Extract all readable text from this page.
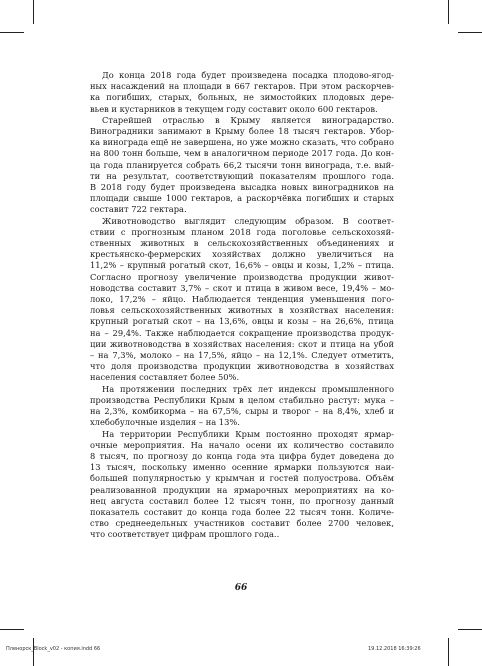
До конца 2018 года будет произведена посадка плодово-ягод-
ных насаждений на площади в 667 гектаров. При этом раскорчев-
ка погибших, старых, больных, не зимостойких плодовых дере-
вьев и кустарников в текущем году составит около 600 гектаров.
Старейшей отраслью в Крыму является виноградарство.
Виноградники занимают в Крыму более 18 тысяч гектаров. Убор-
ка винограда ещё не завершена, но уже можно сказать, что собрано
на 800 тонн больше, чем в аналогичном периоде 2017 года. До кон-
ца года планируется собрать 66,2 тысячи тонн винограда, т.е. вый-
ти на результат, соответствующий показателям прошлого года.
В 2018 году будет произведена высадка новых виноградников на
площади свыше 1000 гектаров, а раскорчёвка погибших и старых
составит 722 гектара.
Животноводство выглядит следующим образом. В соответ-
ствии с прогнозным планом 2018 года поголовье сельскохозяй-
ственных животных в сельскохозяйственных объединениях и
крестьянско-фермерских хозяйствах должно увеличиться на
11,2% – крупный рогатый скот, 16,6% – овцы и козы, 1,2% – птица.
Согласно прогнозу увеличение производства продукции живот-
новодства составит 3,7% – скот и птица в живом весе, 19,4% – мо-
локо, 17,2% – яйцо. Наблюдается тенденция уменьшения пого-
ловья сельскохозяйственных животных в хозяйствах населения:
крупный рогатый скот – на 13,6%, овцы и козы – на 26,6%, птица
на – 29,4%. Также наблюдается сокращение производства продук-
ции животноводства в хозяйствах населения: скот и птица на убой
– на 7,3%, молоко – на 17,5%, яйцо – на 12,1%. Следует отметить,
что доля производства продукции животноводства в хозяйствах
населения составляет более 50%.
На протяжении последних трёх лет индексы промышленного
производства Республики Крым в целом стабильно растут: мука –
на 2,3%, комбикорма – на 67,5%, сыры и творог – на 8,4%, хлеб и
хлебобулочные изделия – на 13%.
На территории Республики Крым постоянно проходят ярмар-
очные мероприятия. На начало осени их количество составило
8 тысяч, по прогнозу до конца года эта цифра будет доведена до
13 тысяч, поскольку именно осенние ярмарки пользуются наи-
большей популярностью у крымчан и гостей полуострова. Объём
реализованной продукции на ярмарочных мероприятиях на ко-
нец августа составил более 12 тысяч тонн, по прогнозу данный
показатель составит до конца года более 22 тысяч тонн. Количе-
ство среднеедельных участников составит более 2700 человек,
что соответствует цифрам прошлого года..
66
Пленорск_Block_v02 - копия.indd 66	19.12.2018 16:39:26
